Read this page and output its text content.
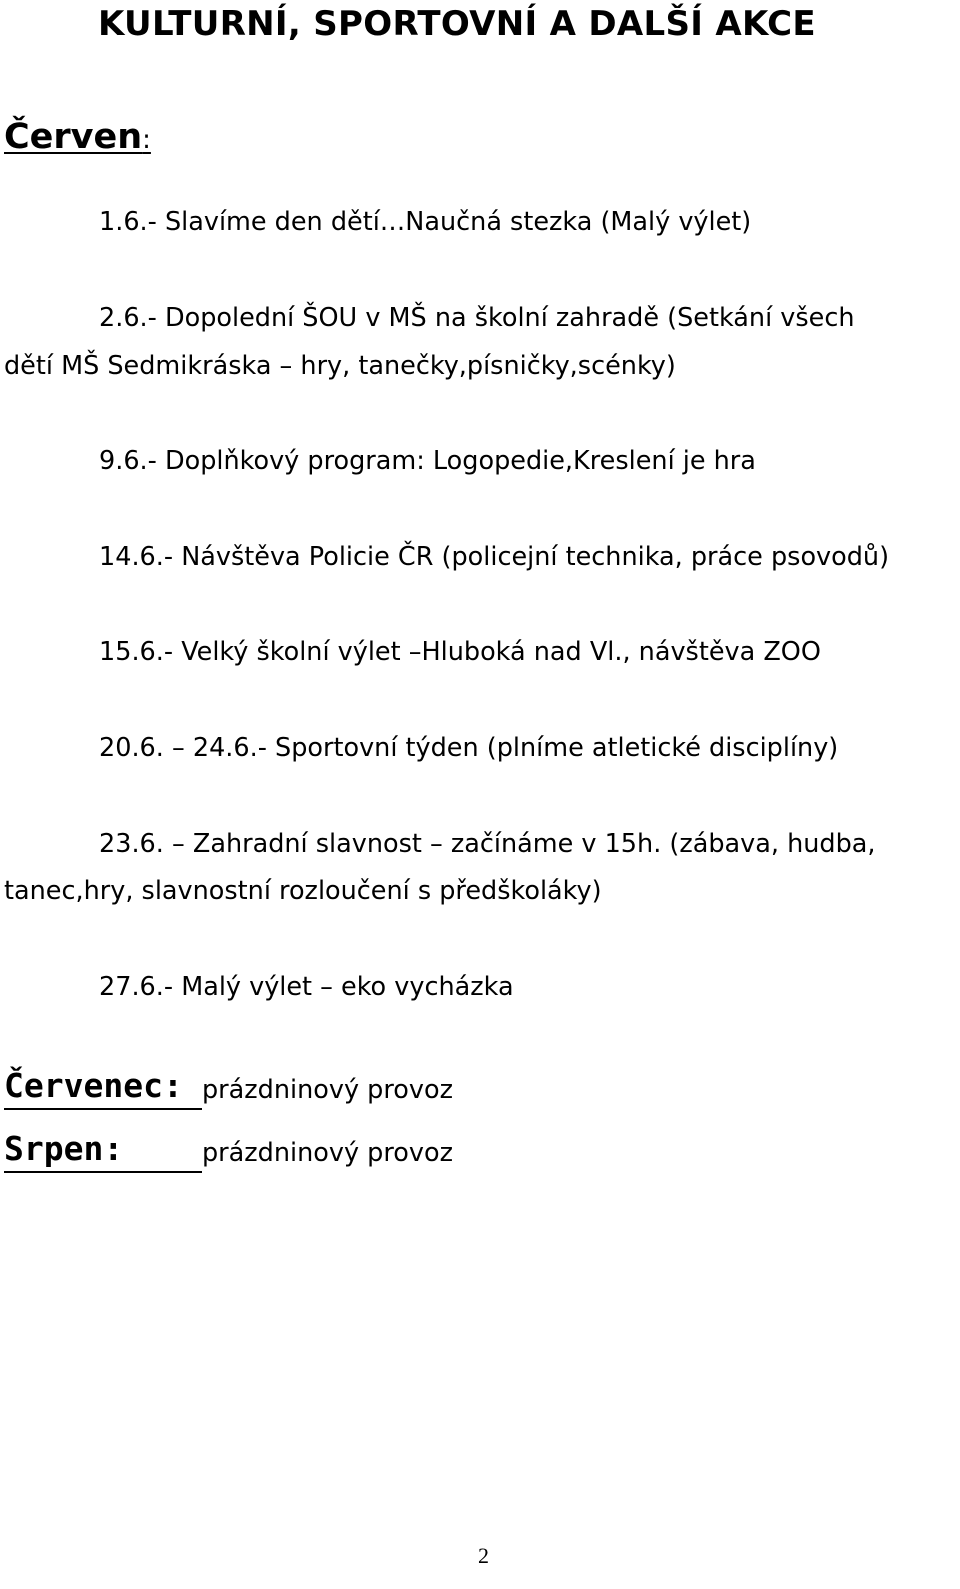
KULTURNÍ, SPORTOVNÍ A DALŠÍ AKCE
Červen:

1.6.- Slavíme den dětí…Naučná stezka (Malý výlet)

2.6.- Dopolední ŠOU v MŠ na školní zahradě (Setkání všech

dětí MŠ Sedmikráska – hry, tanečky,písničky,scénky)

9.6.- Doplňkový program: Logopedie,Kreslení je hra

14.6.- Návštěva Policie ČR (policejní technika, práce psovodů)

15.6.- Velký školní výlet –Hluboká nad Vl., návštěva ZOO

20.6. – 24.6.- Sportovní týden (plníme atletické disciplíny)

23.6. – Zahradní slavnost – začínáme v 15h. (zábava, hudba,

tanec,hry, slavnostní rozloučení s předškoláky)

27.6.- Malý výlet – eko vycházka

Červenec: prázdninový provoz
Srpen:	prázdninový provoz
2
